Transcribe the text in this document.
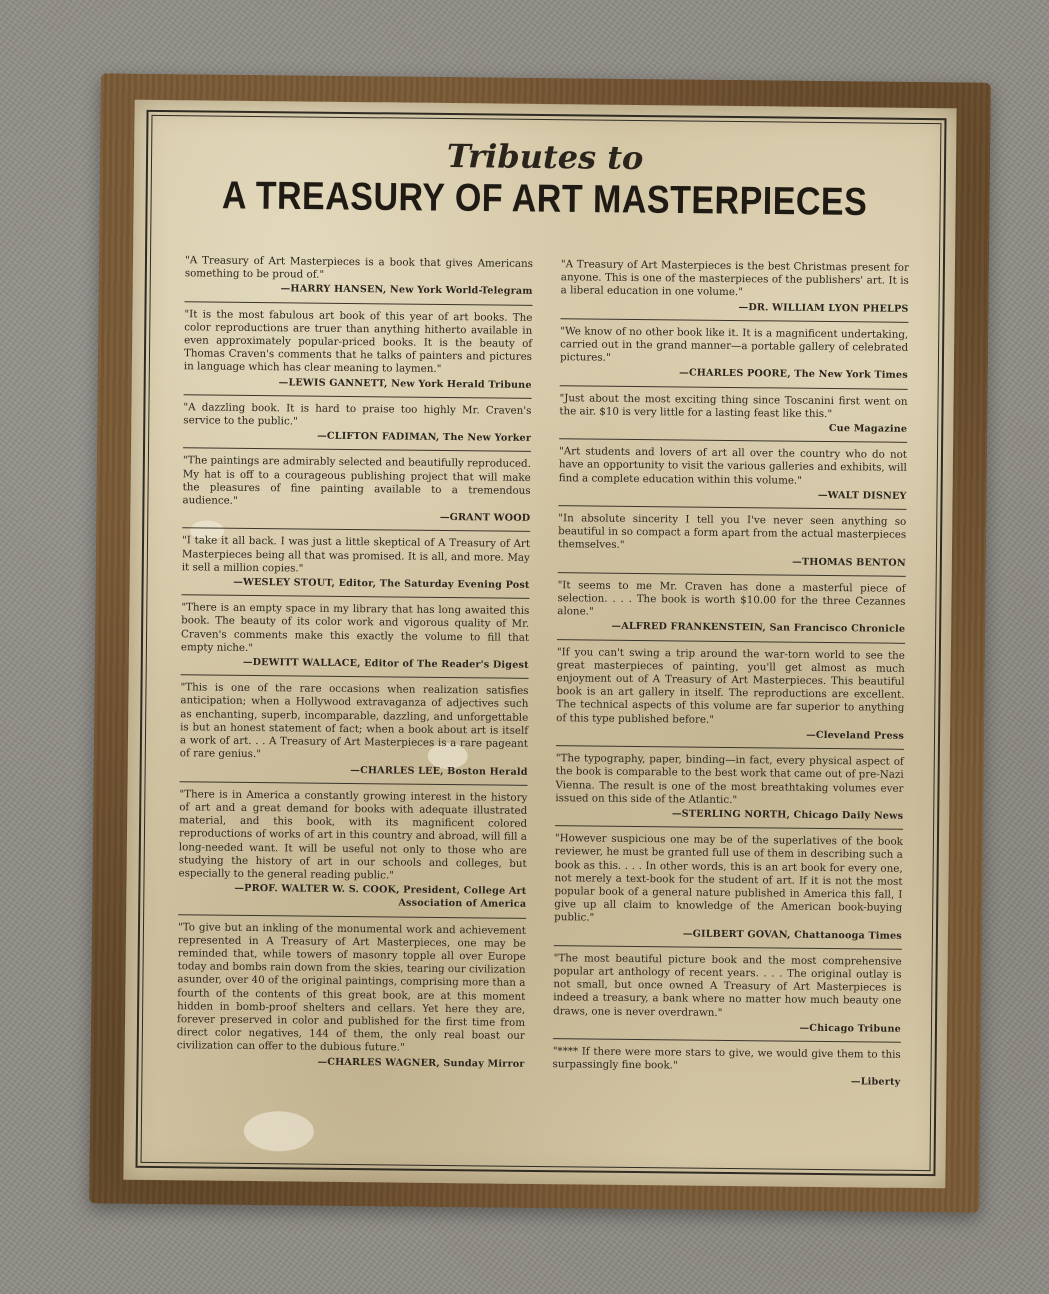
Tributes to
A TREASURY OF ART MASTERPIECES
"A Treasury of Art Masterpieces is a book that gives Americans something to be proud of."
—HARRY HANSEN, New York World-Telegram
"It is the most fabulous art book of this year of art books. The color reproductions are truer than anything hitherto available in even approximately popular-priced books. It is the beauty of Thomas Craven's comments that he talks of painters and pictures in language which has clear meaning to laymen."
—LEWIS GANNETT, New York Herald Tribune
"A dazzling book. It is hard to praise too highly Mr. Craven's service to the public."
—CLIFTON FADIMAN, The New Yorker
"The paintings are admirably selected and beautifully reproduced. My hat is off to a courageous publishing project that will make the pleasures of fine painting available to a tremendous audience."
—GRANT WOOD
"I take it all back. I was just a little skeptical of A Treasury of Art Masterpieces being all that was promised. It is all, and more. May it sell a million copies."
—WESLEY STOUT, Editor, The Saturday Evening Post
"There is an empty space in my library that has long awaited this book. The beauty of its color work and vigorous quality of Mr. Craven's comments make this exactly the volume to fill that empty niche."
—DEWITT WALLACE, Editor of The Reader's Digest
"This is one of the rare occasions when realization satisfies anticipation; when a Hollywood extravaganza of adjectives such as enchanting, superb, incomparable, dazzling, and unforgettable is but an honest statement of fact; when a book about art is itself a work of art. . . A Treasury of Art Masterpieces is a rare pageant of rare genius."
—CHARLES LEE, Boston Herald
"There is in America a constantly growing interest in the history of art and a great demand for books with adequate illustrated material, and this book, with its magnificent colored reproductions of works of art in this country and abroad, will fill a long-needed want. It will be useful not only to those who are studying the history of art in our schools and colleges, but especially to the general reading public."
—PROF. WALTER W. S. COOK, President, College Art Association of America
"To give but an inkling of the monumental work and achievement represented in A Treasury of Art Masterpieces, one may be reminded that, while towers of masonry topple all over Europe today and bombs rain down from the skies, tearing our civilization asunder, over 40 of the original paintings, comprising more than a fourth of the contents of this great book, are at this moment hidden in bomb-proof shelters and cellars. Yet here they are, forever preserved in color and published for the first time from direct color negatives, 144 of them, the only real boast our civilization can offer to the dubious future."
—CHARLES WAGNER, Sunday Mirror
"A Treasury of Art Masterpieces is the best Christmas present for anyone. This is one of the masterpieces of the publishers' art. It is a liberal education in one volume."
—DR. WILLIAM LYON PHELPS
"We know of no other book like it. It is a magnificent undertaking, carried out in the grand manner—a portable gallery of celebrated pictures."
—CHARLES POORE, The New York Times
"Just about the most exciting thing since Toscanini first went on the air. $10 is very little for a lasting feast like this."
Cue Magazine
"Art students and lovers of art all over the country who do not have an opportunity to visit the various galleries and exhibits, will find a complete education within this volume."
—WALT DISNEY
"In absolute sincerity I tell you I've never seen anything so beautiful in so compact a form apart from the actual masterpieces themselves."
—THOMAS BENTON
"It seems to me Mr. Craven has done a masterful piece of selection. . . . The book is worth $10.00 for the three Cezannes alone."
—ALFRED FRANKENSTEIN, San Francisco Chronicle
"If you can't swing a trip around the war-torn world to see the great masterpieces of painting, you'll get almost as much enjoyment out of A Treasury of Art Masterpieces. This beautiful book is an art gallery in itself. The reproductions are excellent. The technical aspects of this volume are far superior to anything of this type published before."
—Cleveland Press
"The typography, paper, binding—in fact, every physical aspect of the book is comparable to the best work that came out of pre-Nazi Vienna. The result is one of the most breathtaking volumes ever issued on this side of the Atlantic."
—STERLING NORTH, Chicago Daily News
"However suspicious one may be of the superlatives of the book reviewer, he must be granted full use of them in describing such a book as this. . . . In other words, this is an art book for every one, not merely a text-book for the student of art. If it is not the most popular book of a general nature published in America this fall, I give up all claim to knowledge of the American book-buying public."
—GILBERT GOVAN, Chattanooga Times
"The most beautiful picture book and the most comprehensive popular art anthology of recent years. . . . The original outlay is not small, but once owned A Treasury of Art Masterpieces is indeed a treasury, a bank where no matter how much beauty one draws, one is never overdrawn."
—Chicago Tribune
"**** If there were more stars to give, we would give them to this surpassingly fine book."
—Liberty
